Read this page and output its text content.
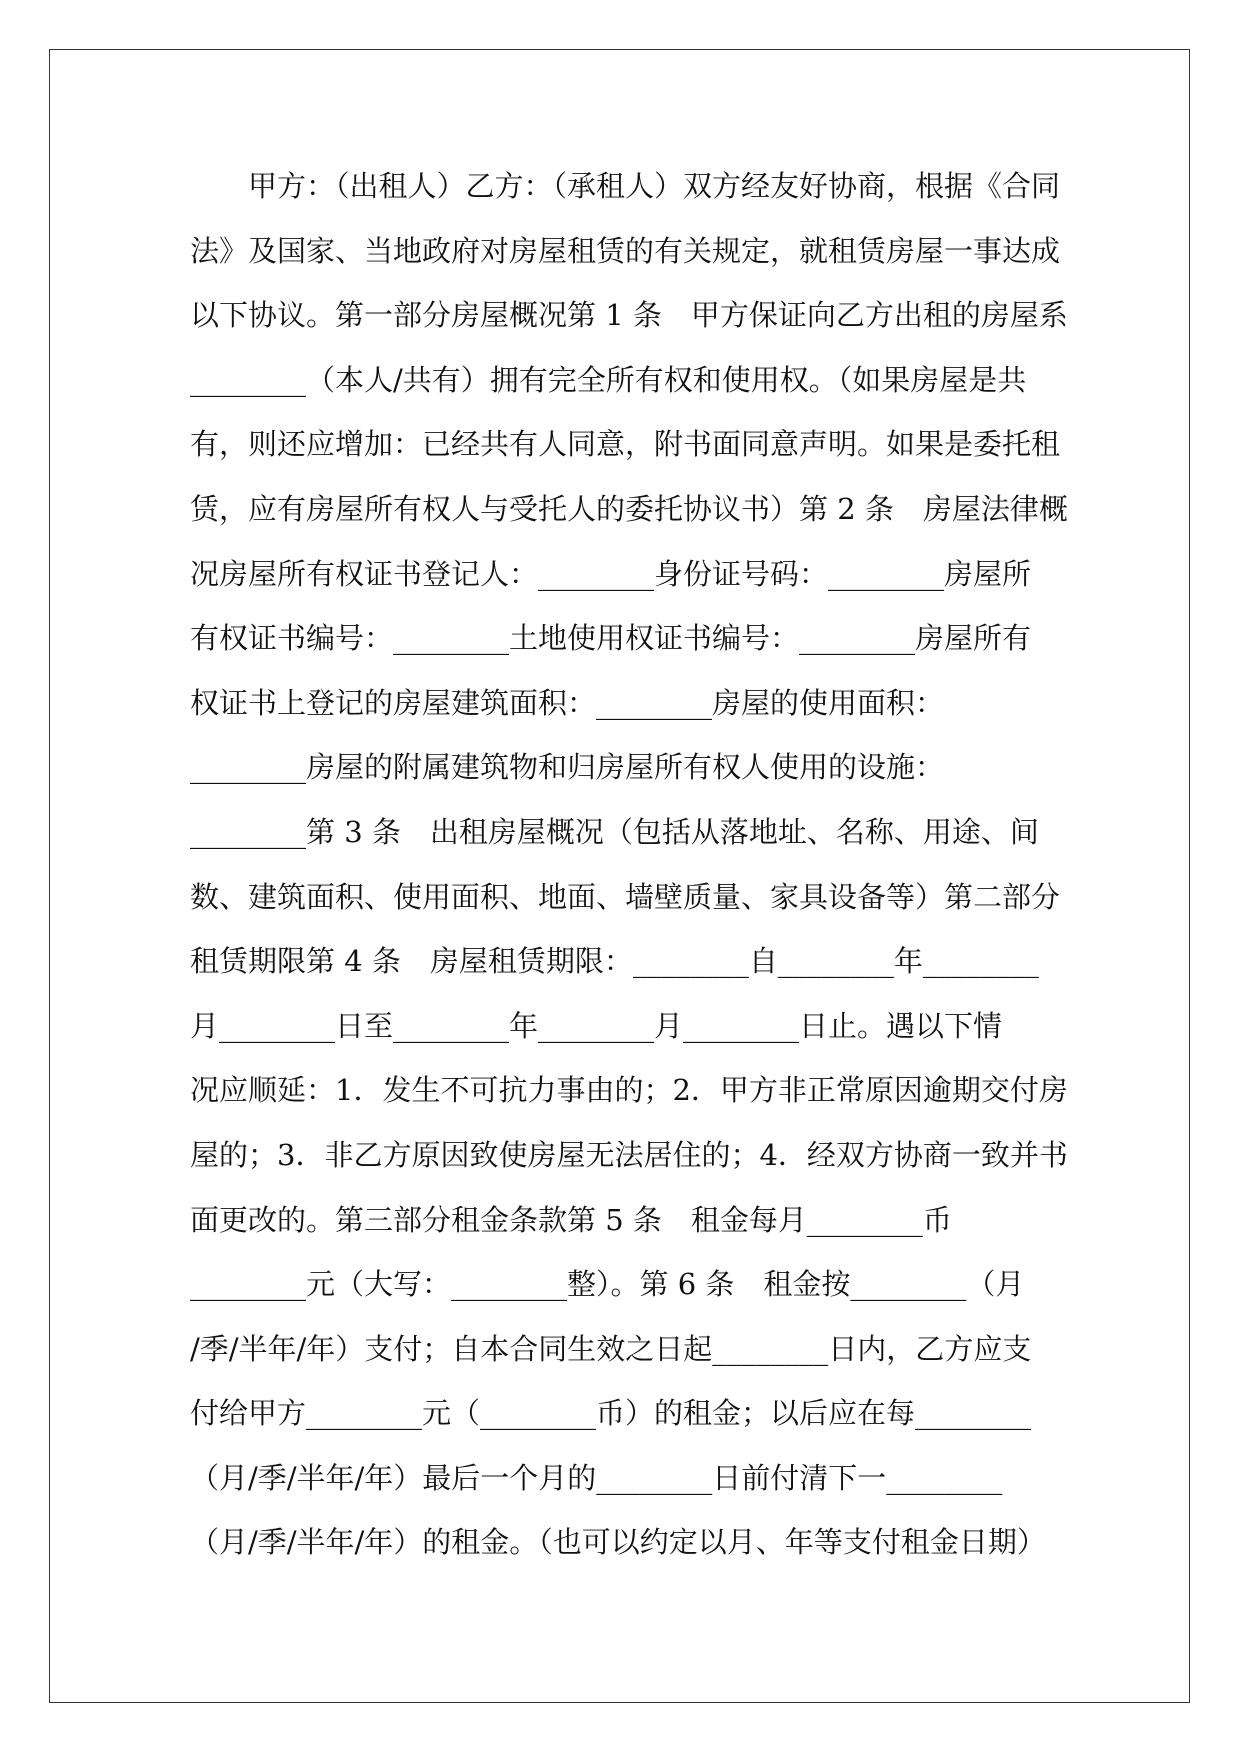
甲方：（出租人）乙方：（承租人）双方经友好协商，根据《合同
法》及国家、当地政府对房屋租赁的有关规定，就租赁房屋一事达成
以下协议。第一部分房屋概况第 1 条　甲方保证向乙方出租的房屋系
________（本人/共有）拥有完全所有权和使用权。（如果房屋是共
有，则还应增加：已经共有人同意，附书面同意声明。如果是委托租
赁，应有房屋所有权人与受托人的委托协议书）第 2 条　房屋法律概
况房屋所有权证书登记人：________身份证号码：________房屋所
有权证书编号：________土地使用权证书编号：________房屋所有
权证书上登记的房屋建筑面积：________房屋的使用面积：
________房屋的附属建筑物和归房屋所有权人使用的设施：
________第 3 条　出租房屋概况（包括从落地址、名称、用途、间
数、建筑面积、使用面积、地面、墙壁质量、家具设备等）第二部分
租赁期限第 4 条　房屋租赁期限：________自________年________
月________日至________年________月________日止。遇以下情
况应顺延：1．发生不可抗力事由的；2．甲方非正常原因逾期交付房
屋的；3．非乙方原因致使房屋无法居住的；4．经双方协商一致并书
面更改的。第三部分租金条款第 5 条　租金每月________币
________元（大写：________整）。第 6 条　租金按________（月
/季/半年/年）支付；自本合同生效之日起________日内，乙方应支
付给甲方________元（________币）的租金；以后应在每________
（月/季/半年/年）最后一个月的________日前付清下一________
（月/季/半年/年）的租金。（也可以约定以月、年等支付租金日期）
